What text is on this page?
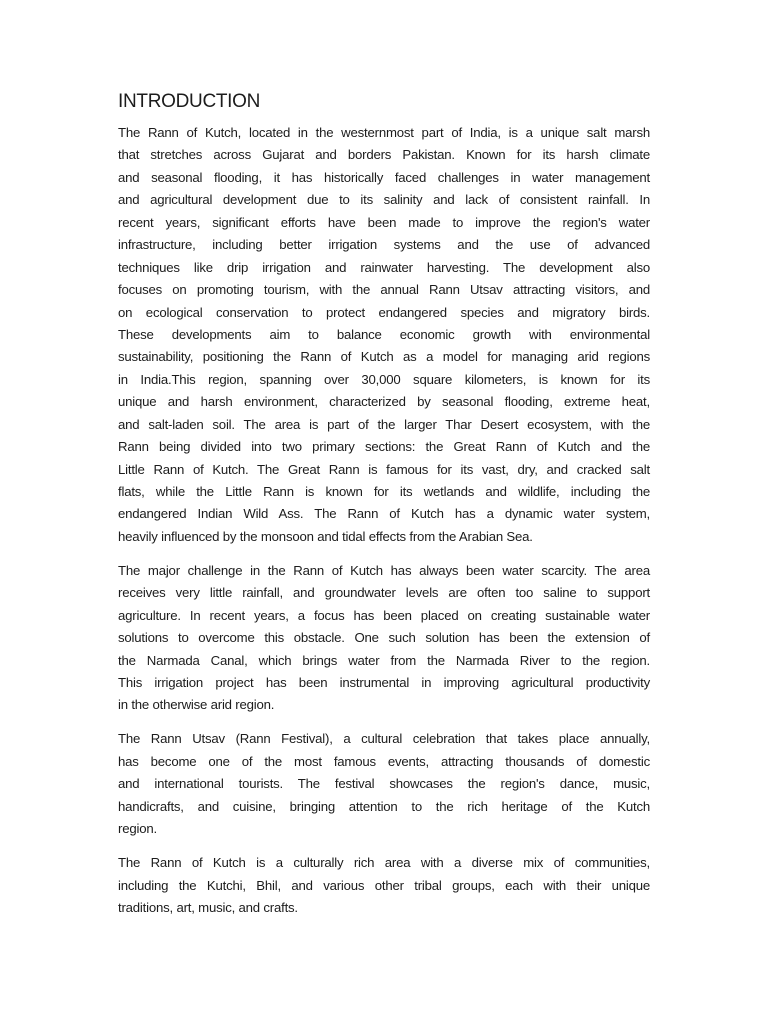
INTRODUCTION
The Rann of Kutch, located in the westernmost part of India, is a unique salt marsh
that stretches across Gujarat and borders Pakistan. Known for its harsh climate
and seasonal flooding, it has historically faced challenges in water management
and agricultural development due to its salinity and lack of consistent rainfall. In
recent years, significant efforts have been made to improve the region's water
infrastructure, including better irrigation systems and the use of advanced
techniques like drip irrigation and rainwater harvesting. The development also
focuses on promoting tourism, with the annual Rann Utsav attracting visitors, and
on ecological conservation to protect endangered species and migratory birds.
These developments aim to balance economic growth with environmental
sustainability, positioning the Rann of Kutch as a model for managing arid regions
in India.This region, spanning over 30,000 square kilometers, is known for its
unique and harsh environment, characterized by seasonal flooding, extreme heat,
and salt-laden soil. The area is part of the larger Thar Desert ecosystem, with the
Rann being divided into two primary sections: the Great Rann of Kutch and the
Little Rann of Kutch. The Great Rann is famous for its vast, dry, and cracked salt
flats, while the Little Rann is known for its wetlands and wildlife, including the
endangered Indian Wild Ass. The Rann of Kutch has a dynamic water system,
heavily influenced by the monsoon and tidal effects from the Arabian Sea.
The major challenge in the Rann of Kutch has always been water scarcity. The area
receives very little rainfall, and groundwater levels are often too saline to support
agriculture. In recent years, a focus has been placed on creating sustainable water
solutions to overcome this obstacle. One such solution has been the extension of
the Narmada Canal, which brings water from the Narmada River to the region.
This irrigation project has been instrumental in improving agricultural productivity
in the otherwise arid region.
The Rann Utsav (Rann Festival), a cultural celebration that takes place annually,
has become one of the most famous events, attracting thousands of domestic
and international tourists. The festival showcases the region's dance, music,
handicrafts, and cuisine, bringing attention to the rich heritage of the Kutch
region.
The Rann of Kutch is a culturally rich area with a diverse mix of communities,
including the Kutchi, Bhil, and various other tribal groups, each with their unique
traditions, art, music, and crafts.
